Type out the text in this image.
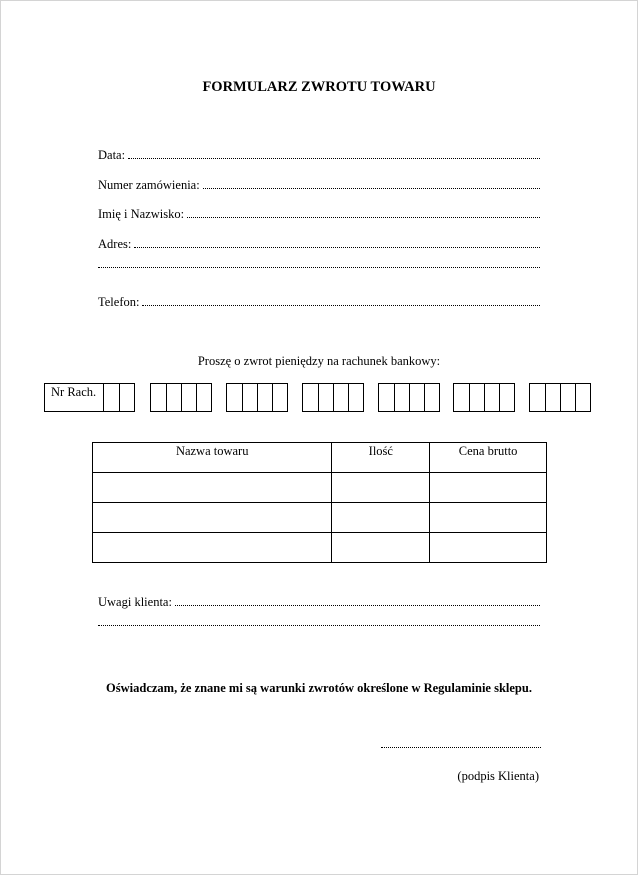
FORMULARZ ZWROTU TOWARU
Data:
Numer zamówienia:
Imię i Nazwisko:
Adres:
Telefon:
Proszę o zwrot pieniędzy na rachunek bankowy:
Nr Rach.
Nazwa towaru	Ilość	Cena brutto

Uwagi klienta:
Oświadczam, że znane mi są warunki zwrotów określone w Regulaminie sklepu.
(podpis Klienta)
